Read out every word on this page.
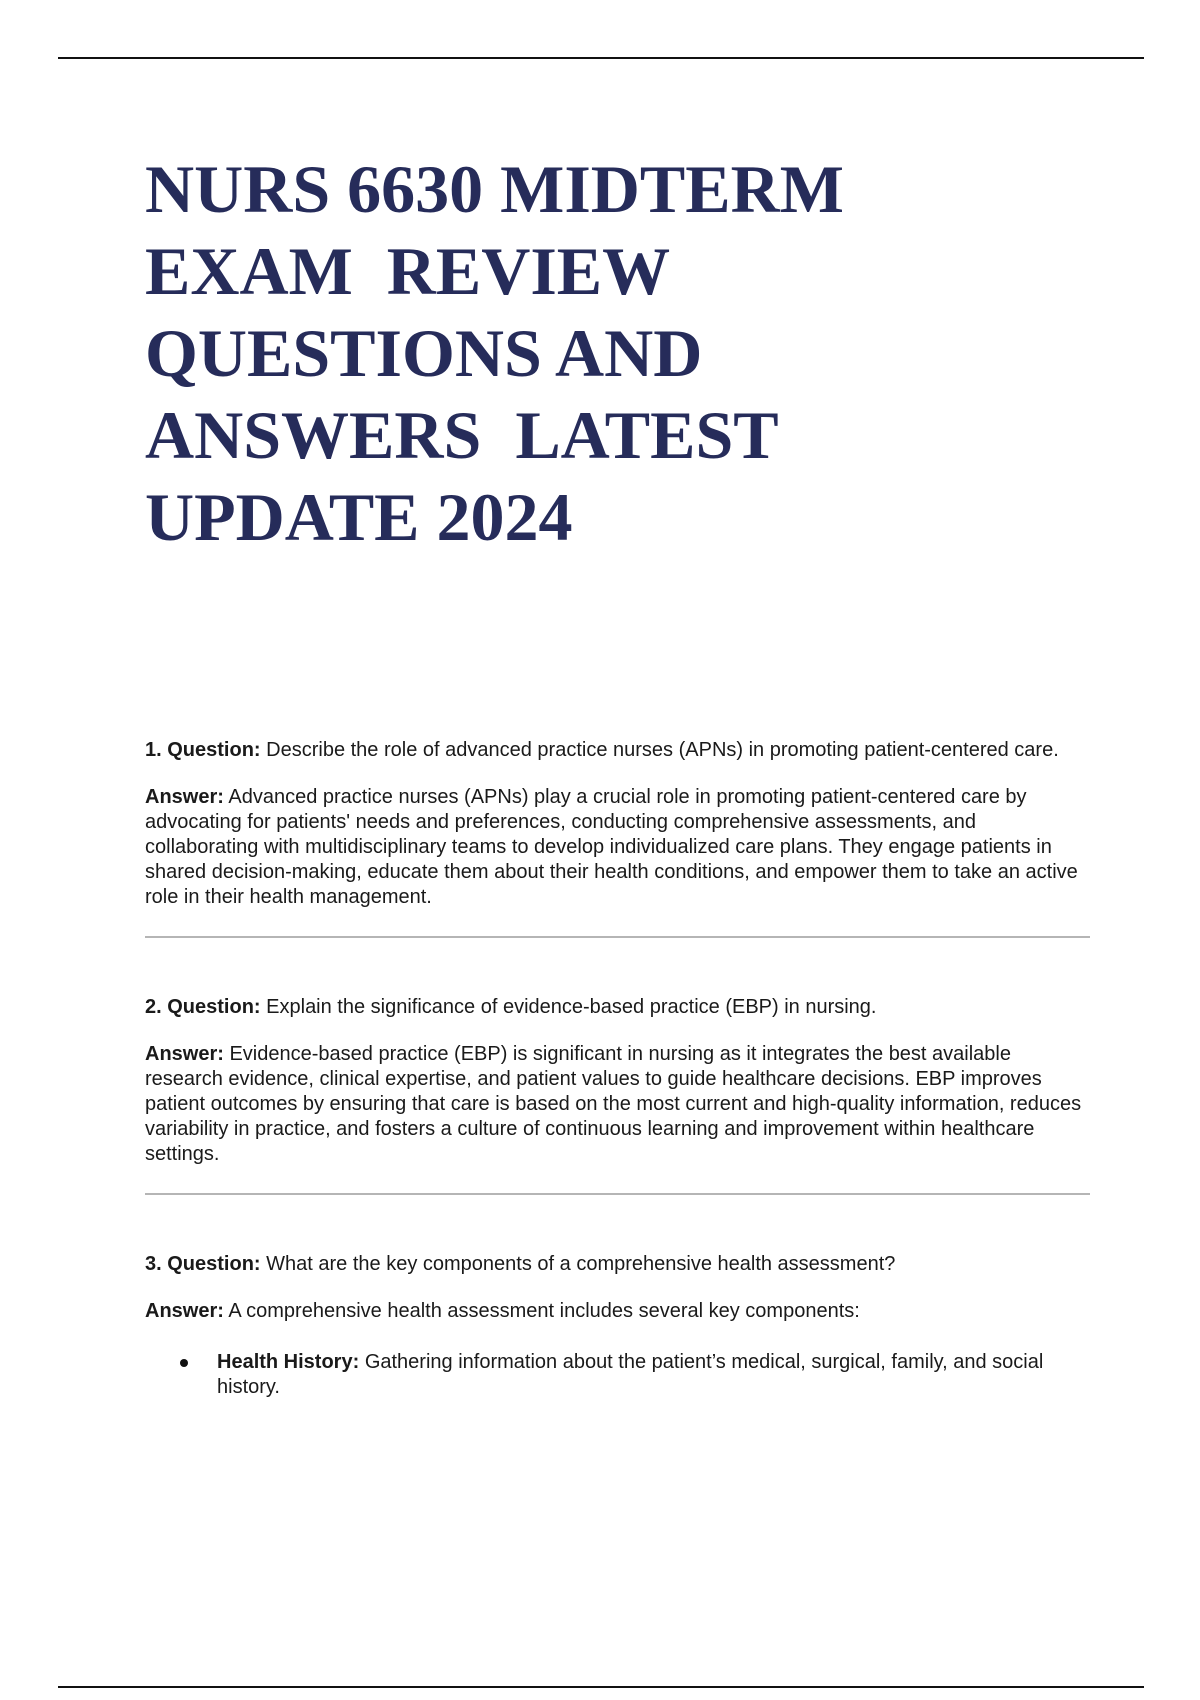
NURS 6630 MIDTERM
EXAM  REVIEW
QUESTIONS AND
ANSWERS  LATEST
UPDATE 2024

1. Question: Describe the role of advanced practice nurses (APNs) in promoting patient-centered care.

Answer: Advanced practice nurses (APNs) play a crucial role in promoting patient-centered care by advocating for patients' needs and preferences, conducting comprehensive assessments, and collaborating with multidisciplinary teams to develop individualized care plans. They engage patients in shared decision-making, educate them about their health conditions, and empower them to take an active role in their health management.

2. Question: Explain the significance of evidence-based practice (EBP) in nursing.

Answer: Evidence-based practice (EBP) is significant in nursing as it integrates the best available research evidence, clinical expertise, and patient values to guide healthcare decisions. EBP improves patient outcomes by ensuring that care is based on the most current and high-quality information, reduces variability in practice, and fosters a culture of continuous learning and improvement within healthcare settings.

3. Question: What are the key components of a comprehensive health assessment?

Answer: A comprehensive health assessment includes several key components:

Health History: Gathering information about the patient’s medical, surgical, family, and social history.
